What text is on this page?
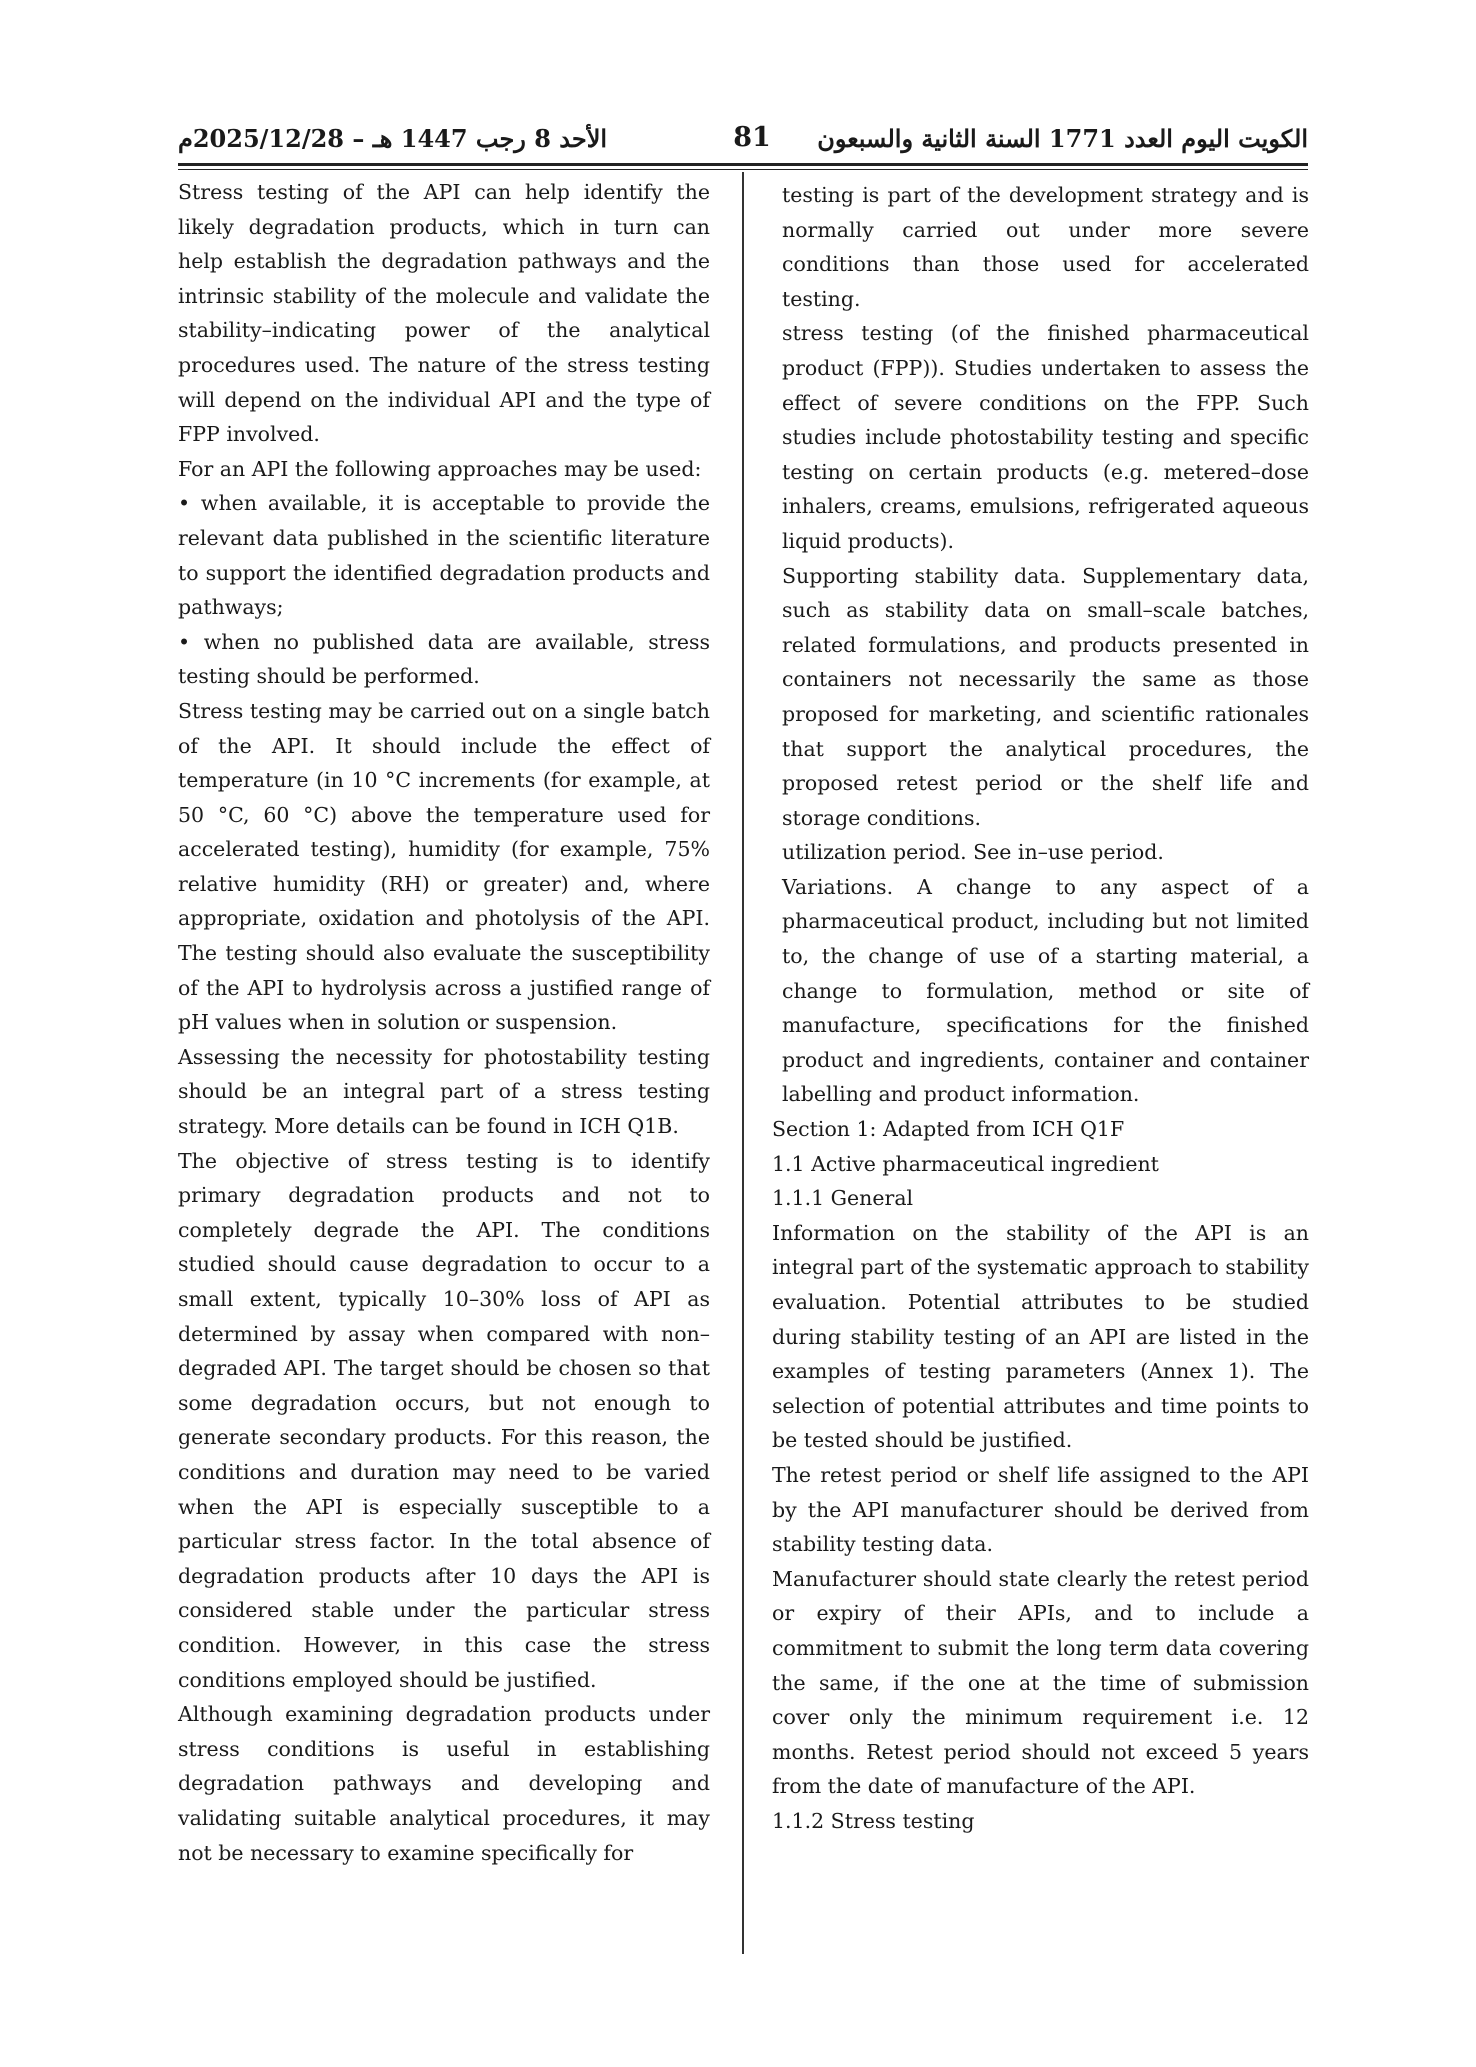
الأحد 8 رجب 1447 هـ – 2025/12/28م	81	الكويت اليوم العدد 1771 السنة الثانية والسبعون

Stress testing of the API can help identify the likely degradation products, which in turn can help establish the degradation pathways and the intrinsic stability of the molecule and validate the stability–indicating power of the analytical procedures used. The nature of the stress testing will depend on the individual API and the type of FPP involved.

For an API the following approaches may be used:

• when available, it is acceptable to provide the relevant data published in the scientific literature to support the identified degradation products and pathways;

• when no published data are available, stress testing should be performed.

Stress testing may be carried out on a single batch of the API. It should include the effect of temperature (in 10 °C increments (for example, at 50 °C, 60 °C) above the temperature used for accelerated testing), humidity (for example, 75% relative humidity (RH) or greater) and, where appropriate, oxidation and photolysis of the API. The testing should also evaluate the susceptibility of the API to hydrolysis across a justified range of pH values when in solution or suspension.

Assessing the necessity for photostability testing should be an integral part of a stress testing strategy. More details can be found in ICH Q1B.

The objective of stress testing is to identify primary degradation products and not to completely degrade the API. The conditions studied should cause degradation to occur to a small extent, typically 10–30% loss of API as determined by assay when compared with non–degraded API. The target should be chosen so that some degradation occurs, but not enough to generate secondary products. For this reason, the conditions and duration may need to be varied when the API is especially susceptible to a particular stress factor. In the total absence of degradation products after 10 days the API is considered stable under the particular stress condition. However, in this case the stress conditions employed should be justified.

Although examining degradation products under stress conditions is useful in establishing degradation pathways and developing and validating suitable analytical procedures, it may not be necessary to examine specifically for

testing is part of the development strategy and is normally carried out under more severe conditions than those used for accelerated testing.

stress testing (of the finished pharmaceutical product (FPP)). Studies undertaken to assess the effect of severe conditions on the FPP. Such studies include photostability testing and specific testing on certain products (e.g. metered–dose inhalers, creams, emulsions, refrigerated aqueous liquid products).

Supporting stability data. Supplementary data, such as stability data on small–scale batches, related formulations, and products presented in containers not necessarily the same as those proposed for marketing, and scientific rationales that support the analytical procedures, the proposed retest period or the shelf life and storage conditions.

utilization period. See in–use period.

Variations. A change to any aspect of a pharmaceutical product, including but not limited to, the change of use of a starting material, a change to formulation, method or site of manufacture, specifications for the finished product and ingredients, container and container labelling and product information.

Section 1: Adapted from ICH Q1F

1.1 Active pharmaceutical ingredient

1.1.1 General

Information on the stability of the API is an integral part of the systematic approach to stability evaluation. Potential attributes to be studied during stability testing of an API are listed in the examples of testing parameters (Annex 1). The selection of potential attributes and time points to be tested should be justified.

The retest period or shelf life assigned to the API by the API manufacturer should be derived from stability testing data.

Manufacturer should state clearly the retest period or expiry of their APIs, and to include a commitment to submit the long term data covering the same, if the one at the time of submission cover only the minimum requirement i.e. 12 months. Retest period should not exceed 5 years from the date of manufacture of the API.

1.1.2 Stress testing
